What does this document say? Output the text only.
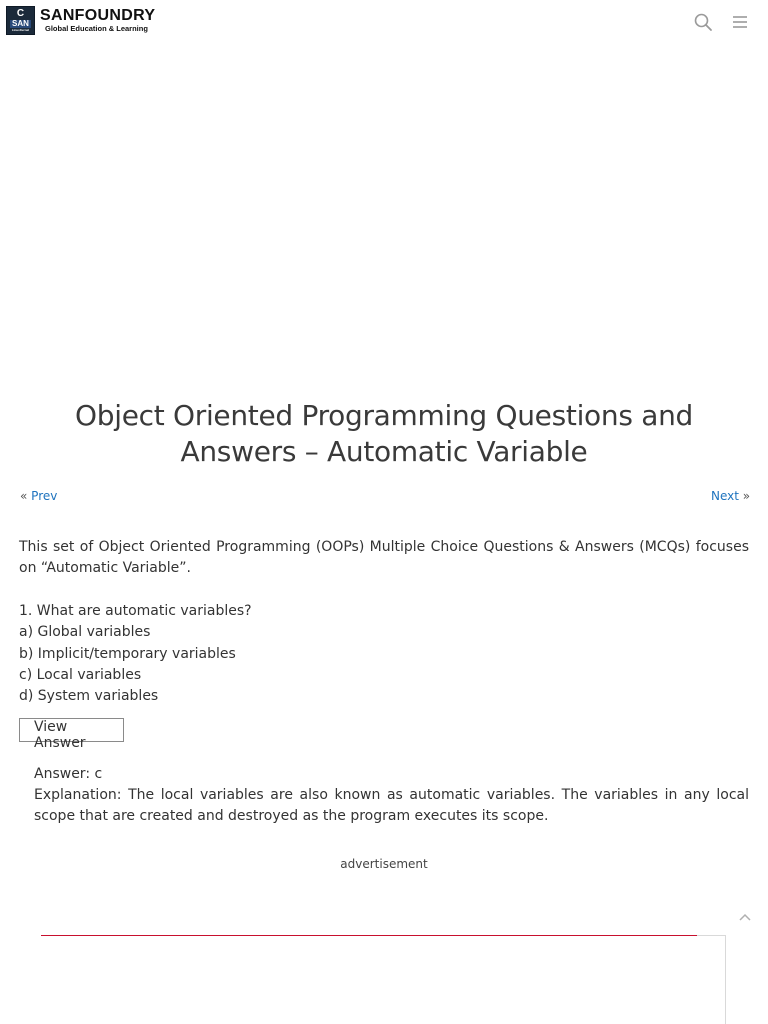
C
SAN
LinuxKernel
SANFOUNDRY
Global Education & Learning
Object Oriented Programming Questions and
Answers – Automatic Variable
« Prev	Next »

This set of Object Oriented Programming (OOPs) Multiple Choice Questions & Answers (MCQs) focuses on “Automatic Variable”.

1. What are automatic variables?
a) Global variables
b) Implicit/temporary variables
c) Local variables
d) System variables
View Answer

Answer: c

Explanation: The local variables are also known as automatic variables. The variables in any local scope that are created and destroyed as the program executes its scope.

advertisement
